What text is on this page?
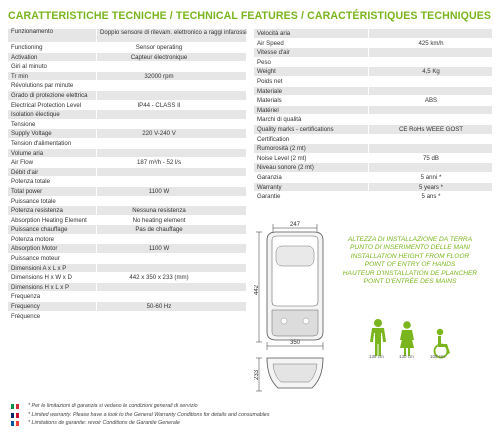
CARATTERISTICHE TECNICHE / TECHNICAL FEATURES / CARACTÉRISTIQUES TECHNIQUES
Funzionamento	Doppio sensore di rilevam. elettronico a raggi infarossi
Functioning	Sensor operating
Activation	Capteur électronique
Giri al minuto
Tr min	32000 rpm
Révolutions par minute
Grado di protezione elettrica
Electrical Protection Level	IP44 - CLASS II
Isolation électique
Tensione
Supply Voltage	220 V-240 V
Tension d'alimentation
Volume aria
Air Flow	187 m³/h - 52 l/s
Débit d'air
Potenza totale
Total power	1100 W
Puissance totale
Potenza resistenza	Nessuna resistenza
Absorption Heating Element	No heating element
Puissance chauffage	Pas de chauffage
Potenza motore
Absorption Motor	1100 W
Puissance moteur
Dimensioni A x L x P
Dimensions H x W x D	442 x 350 x 233 (mm)
Dimensions H x L x P
Frequenza
Frequency	50-60 Hz
Fréquence
Velocità aria
Air Speed	425 km/h
Vitesse d'air
Peso
Weight	4,5 Kg
Poids net
Materiale
Materials	ABS
Matériel
Marchi di qualità
Quality marks - certifications	CE RoHs WEEE GOST
Certification
Rumorosità (2 mt)
Noise Level (2 mt)	75 dB
Niveau sonore (2 mt)
Garanzia	5 anni *
Warranty	5 years *
Garantie	5 ans *
247
442
350
233
ALTEZZA DI INSTALLAZIONE DA TERRA
PUNTO DI INSERIMENTO DELLE MANI
INSTALLATION HEIGHT FROM FLOOR
POINT OF ENTRY OF HANDS
HAUTEUR D'INSTALLATION DE PLANCHER
POINT D'ENTRÉE DES MAINS
135 cm	130 cm	105 cm
* Per le limitazioni di garanzia si vedano le condizioni generali di servizio
* Limited warranty. Please have a look to the General Warranty Conditions for details and consumables
* Limitations de garantie: revoir Conditions de Garantie Generale
